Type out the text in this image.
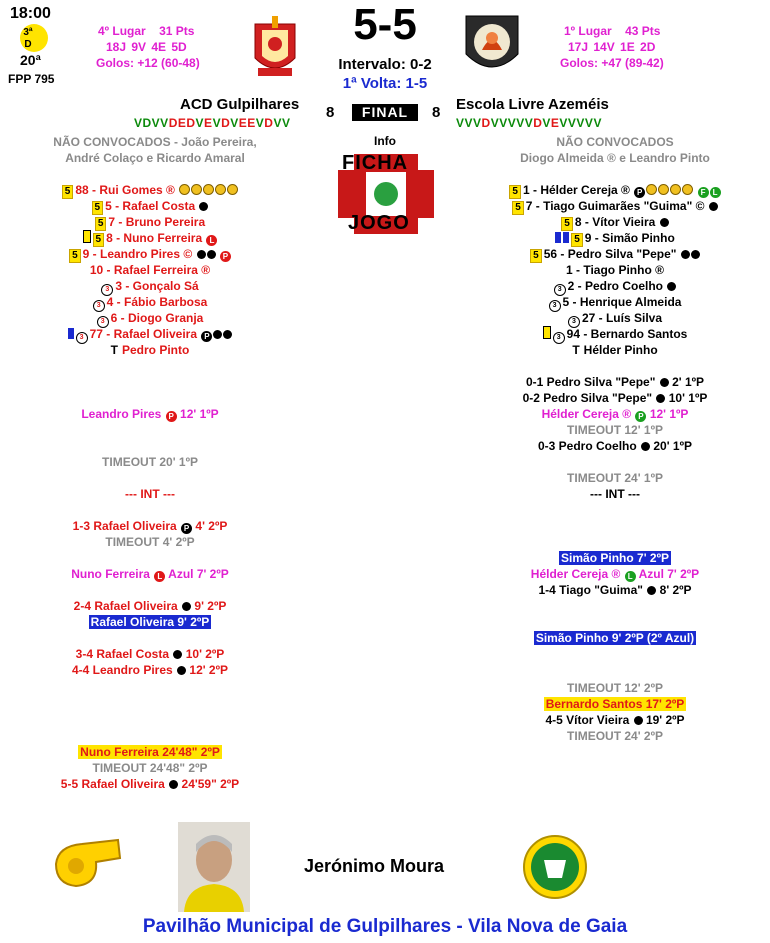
18:00
3ª D
20ª
FPP 795
4º Lugar 31 Pts
18J 9V 4E 5D
Golos: +12 (60-48)
5-5
Intervalo: 0-2
1ª Volta: 1-5
1º Lugar 43 Pts
17J 14V 1E 2D
Golos: +47 (89-42)
ACD Gulpilhares 8	FINAL	8 Escola Livre Azeméis
VDVVDEDVEVDVEEVDVV	VVVDVVVVVDVEVVVVV
NÃO CONVOCADOS - João Pereira,
André Colaço e Ricardo Amaral
NÃO CONVOCADOS
Diogo Almeida ® e Leandro Pinto
Info
FICHA
JOGO
5 88 - Rui Gomes ®
5 5 - Rafael Costa
5 7 - Bruno Pereira
5 8 - Nuno Ferreira L
5 9 - Leandro Pires ©	P
10 - Rafael Ferreira ®
3 3 - Gonçalo Sá
3 4 - Fábio Barbosa
3 6 - Diogo Granja
3 77 - Rafael Oliveira P
T Pedro Pinto
5 1 - Hélder Cereja ® P	F L
5 7 - Tiago Guimarães "Guima" ©
5 8 - Vítor Vieira
5 9 - Simão Pinho
5 56 - Pedro Silva "Pepe"
1 - Tiago Pinho ®
3 2 - Pedro Coelho
3 5 - Henrique Almeida
3 27 - Luís Silva
3 94 - Bernardo Santos
T Hélder Pinho
0-1 Pedro Silva "Pepe" 2' 1ºP
0-2 Pedro Silva "Pepe" 10' 1ºP
Hélder Cereja ® P 12' 1ºP
TIMEOUT 12' 1ºP
0-3 Pedro Coelho 20' 1ºP
TIMEOUT 24' 1ºP
--- INT ---
Leandro Pires P 12' 1ºP
TIMEOUT 20' 1ºP
--- INT ---
1-3 Rafael Oliveira P 4' 2ºP
TIMEOUT 4' 2ºP
Nuno Ferreira L Azul 7' 2ºP
2-4 Rafael Oliveira 9' 2ºP
Rafael Oliveira 9' 2ºP
3-4 Rafael Costa 10' 2ºP
4-4 Leandro Pires 12' 2ºP
Nuno Ferreira 24'48" 2ºP
TIMEOUT 24'48" 2ºP
5-5 Rafael Oliveira 24'59" 2ºP
Simão Pinho 7' 2ºP
Hélder Cereja ® L Azul 7' 2ºP
1-4 Tiago "Guima" 8' 2ºP
Simão Pinho 9' 2ºP (2º Azul)
TIMEOUT 12' 2ºP
Bernardo Santos 17' 2ºP
4-5 Vítor Vieira 19' 2ºP
TIMEOUT 24' 2ºP
Jerónimo Moura
Pavilhão Municipal de Gulpilhares - Vila Nova de Gaia
